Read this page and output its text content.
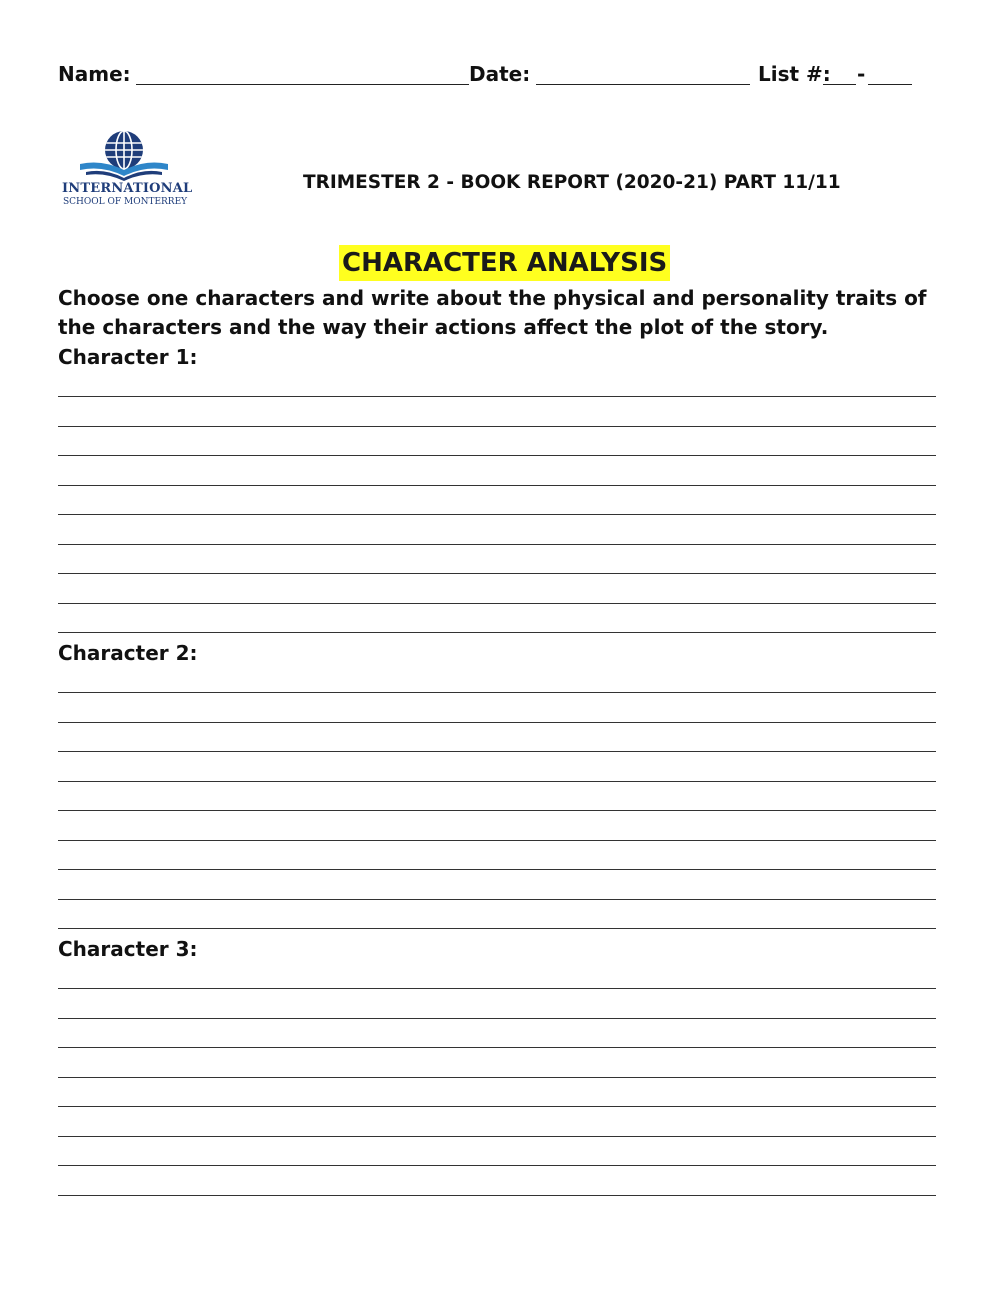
Name:	Date:	List #: -
INTERNATIONAL
SCHOOL OF MONTERREY
TRIMESTER 2 - BOOK REPORT (2020-21) PART 11/11
CHARACTER ANALYSIS
Choose one characters and write about the physical and personality traits of the characters and the way their actions affect the plot of the story.
Character 1:
Character 2:
Character 3:
